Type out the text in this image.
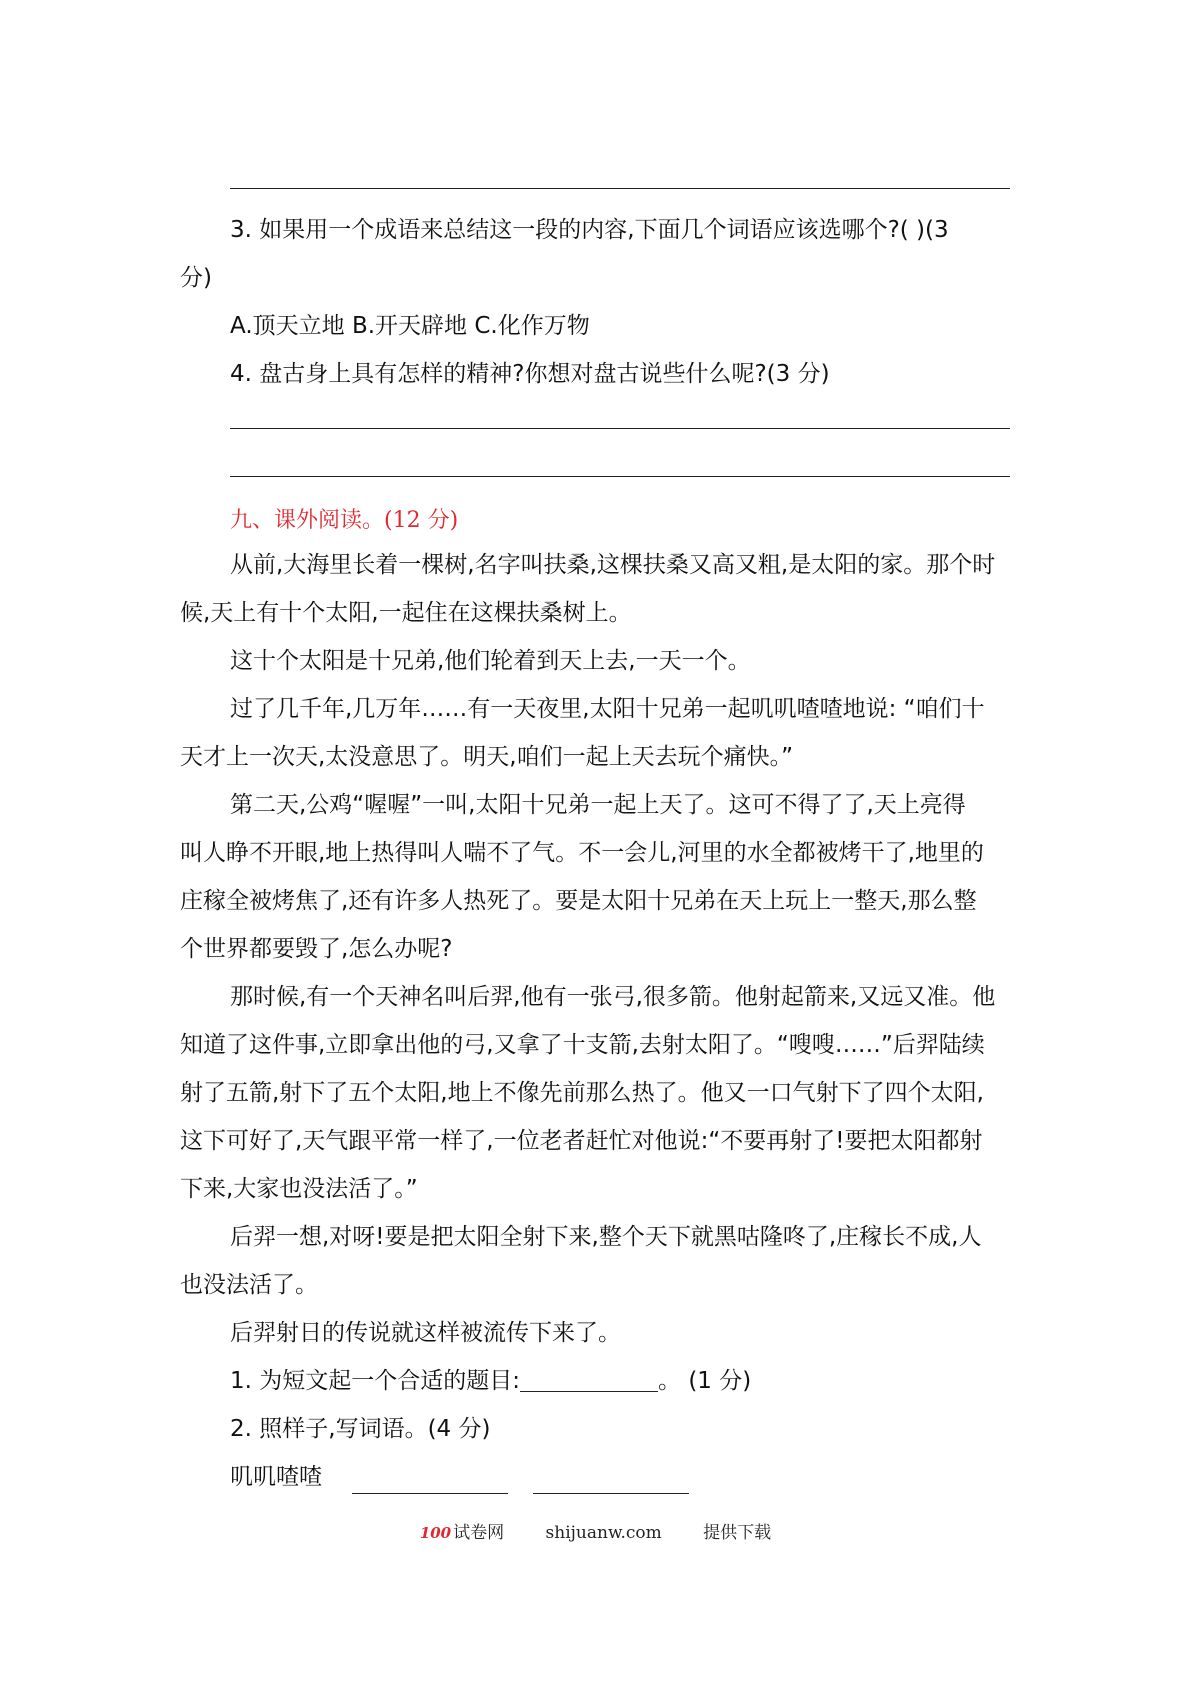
3. 如果用一个成语来总结这一段的内容,下面几个词语应该选哪个?( )(3
分)
A.顶天立地 B.开天辟地 C.化作万物
4. 盘古身上具有怎样的精神?你想对盘古说些什么呢?(3 分)
九、课外阅读。(12 分)
从前,大海里长着一棵树,名字叫扶桑,这棵扶桑又高又粗,是太阳的家。那个时
候,天上有十个太阳,一起住在这棵扶桑树上。
这十个太阳是十兄弟,他们轮着到天上去,一天一个。
过了几千年,几万年……有一天夜里,太阳十兄弟一起叽叽喳喳地说: “咱们十
天才上一次天,太没意思了。明天,咱们一起上天去玩个痛快。”
第二天,公鸡“喔喔”一叫,太阳十兄弟一起上天了。这可不得了了,天上亮得
叫人睁不开眼,地上热得叫人喘不了气。不一会儿,河里的水全都被烤干了,地里的
庄稼全被烤焦了,还有许多人热死了。要是太阳十兄弟在天上玩上一整天,那么整
个世界都要毁了,怎么办呢?
那时候,有一个天神名叫后羿,他有一张弓,很多箭。他射起箭来,又远又准。他
知道了这件事,立即拿出他的弓,又拿了十支箭,去射太阳了。“嗖嗖……”后羿陆续
射了五箭,射下了五个太阳,地上不像先前那么热了。他又一口气射下了四个太阳,
这下可好了,天气跟平常一样了,一位老者赶忙对他说:“不要再射了!要把太阳都射
下来,大家也没法活了。”
后羿一想,对呀!要是把太阳全射下来,整个天下就黑咕隆咚了,庄稼长不成,人
也没法活了。
后羿射日的传说就这样被流传下来了。
1. 为短文起一个合适的题目:	。 (1 分)
2. 照样子,写词语。(4 分)
叽叽喳喳
100 试卷网 shijuanw.com 提供下载
